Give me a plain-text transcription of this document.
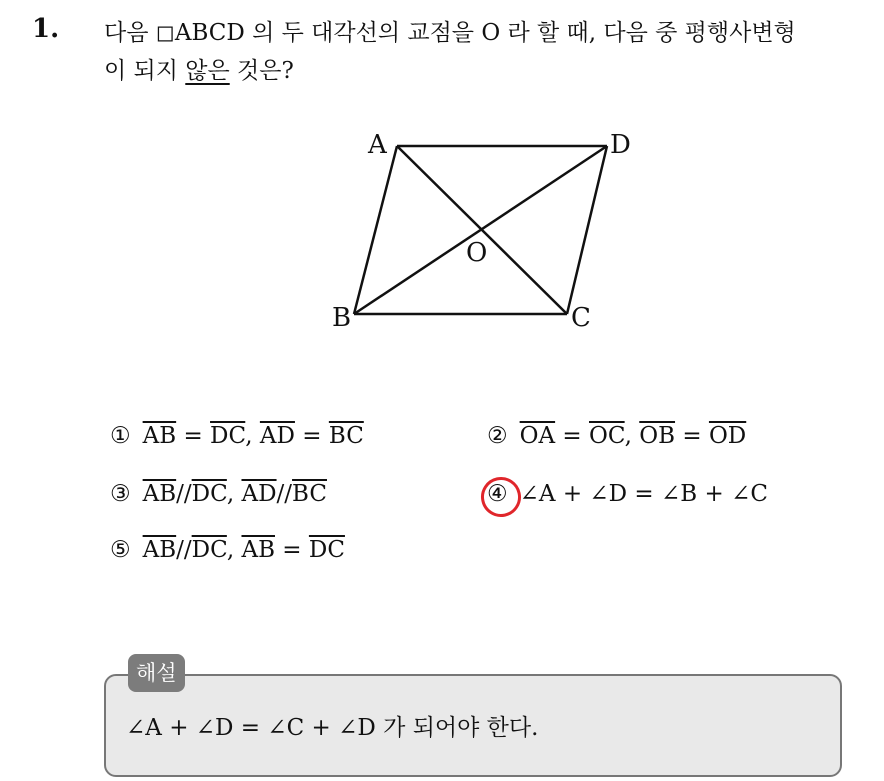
1. 다음 ◻ABCD 의 두 대각선의 교점을 O 라 할 때, 다음 중 평행사변형
이 되지 않은 것은?
A	D
B	C
O
① $\overline{AB} = \overline{DC}$, $\overline{AD} = \overline{BC}$	② $\overline{OA} = \overline{OC}$, $\overline{OB} = \overline{OD}$
③ $\overline{AB}//\overline{DC}$, $\overline{AD}//\overline{BC}$	④ ∠A + ∠D = ∠B + ∠C
⑤ $\overline{AB}//\overline{DC}$, $\overline{AB} = \overline{DC}$
해설
∠A + ∠D = ∠C + ∠D 가 되어야 한다.
